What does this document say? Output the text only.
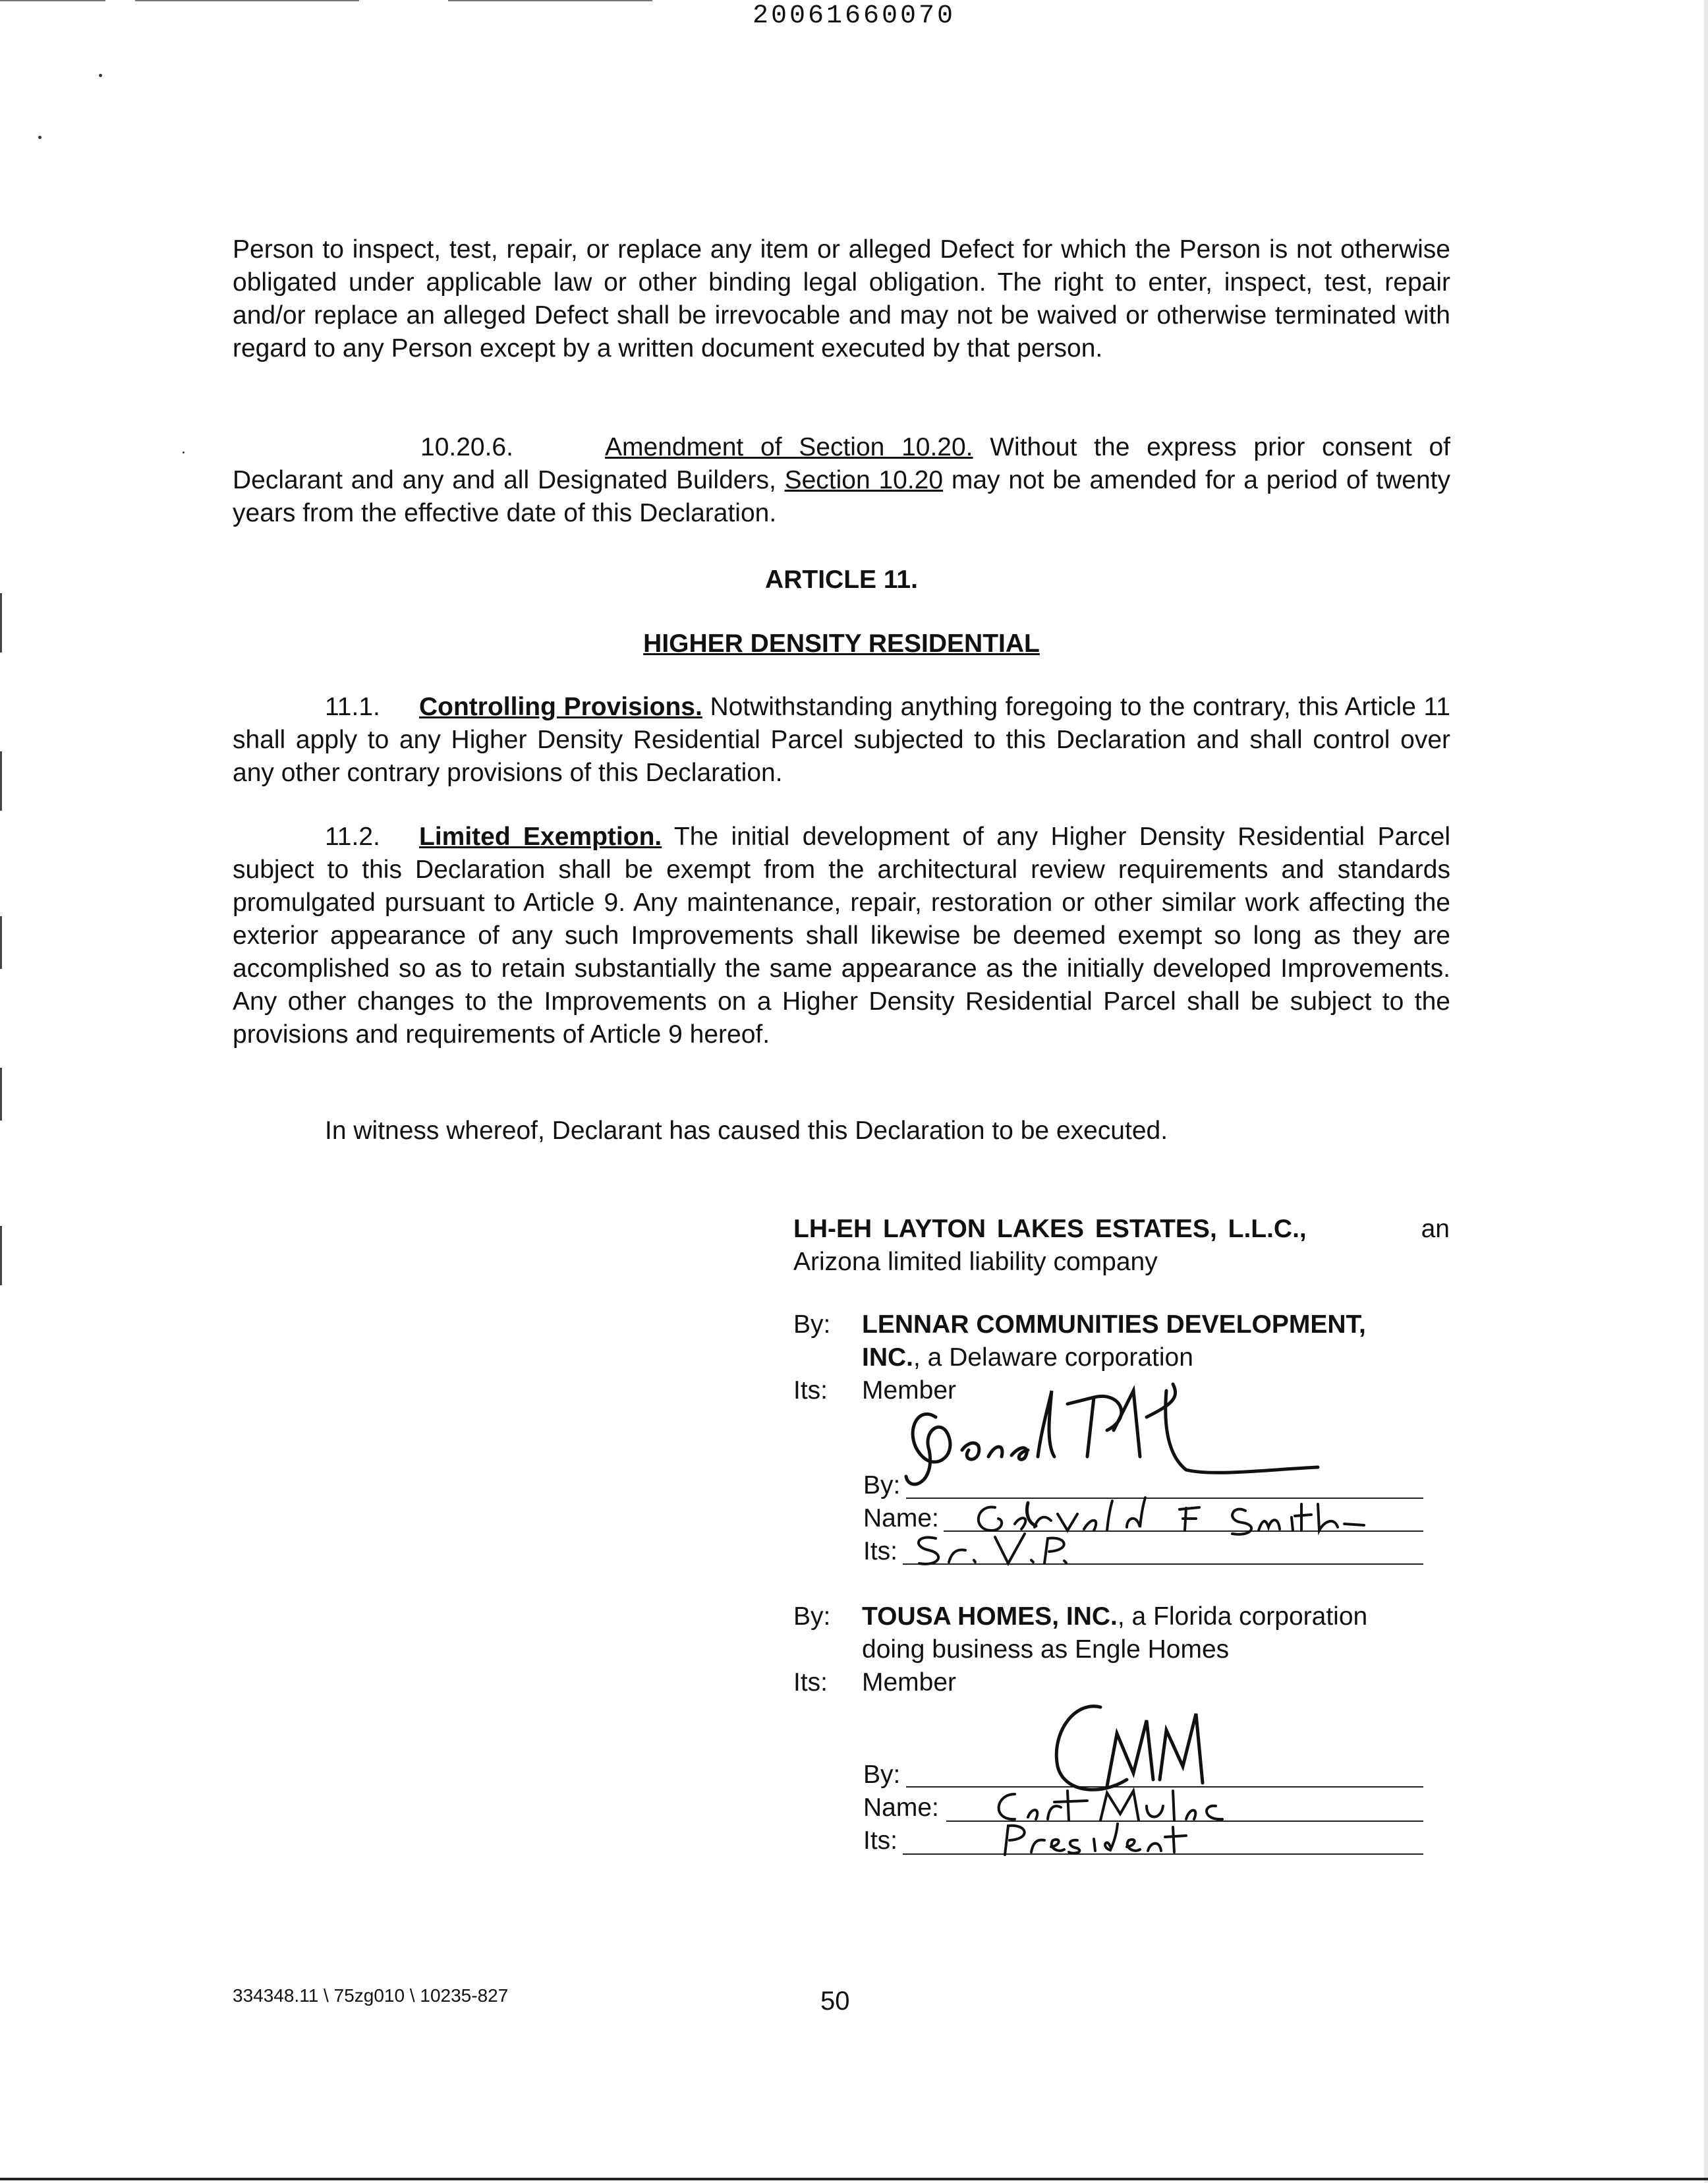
20061660070

Person to inspect, test, repair, or replace any item or alleged Defect for which the Person is not otherwise obligated under applicable law or other binding legal obligation. The right to enter, inspect, test, repair and/or replace an alleged Defect shall be irrevocable and may not be waived or otherwise terminated with regard to any Person except by a written document executed by that person.

10.20.6.	Amendment of Section 10.20. Without the express prior consent of Declarant and any and all Designated Builders, Section 10.20 may not be amended for a period of twenty years from the effective date of this Declaration.

ARTICLE 11.
HIGHER DENSITY RESIDENTIAL

11.1. Controlling Provisions. Notwithstanding anything foregoing to the contrary, this Article 11 shall apply to any Higher Density Residential Parcel subjected to this Declaration and shall control over any other contrary provisions of this Declaration.

11.2. Limited Exemption. The initial development of any Higher Density Residential Parcel subject to this Declaration shall be exempt from the architectural review requirements and standards promulgated pursuant to Article 9. Any maintenance, repair, restoration or other similar work affecting the exterior appearance of any such Improvements shall likewise be deemed exempt so long as they are accomplished so as to retain substantially the same appearance as the initially developed Improvements. Any other changes to the Improvements on a Higher Density Residential Parcel shall be subject to the provisions and requirements of Article 9 hereof.

In witness whereof, Declarant has caused this Declaration to be executed.

LH-EH LAYTON LAKES ESTATES, L.L.C.,	an
Arizona limited liability company
By: LENNAR COMMUNITIES DEVELOPMENT,
INC., a Delaware corporation
Its: Member
By:
Name:
Its:
By: TOUSA HOMES, INC., a Florida corporation
doing business as Engle Homes
Its: Member
By:
Name:
Its:
334348.11 \ 75zg010 \ 10235-827	50
